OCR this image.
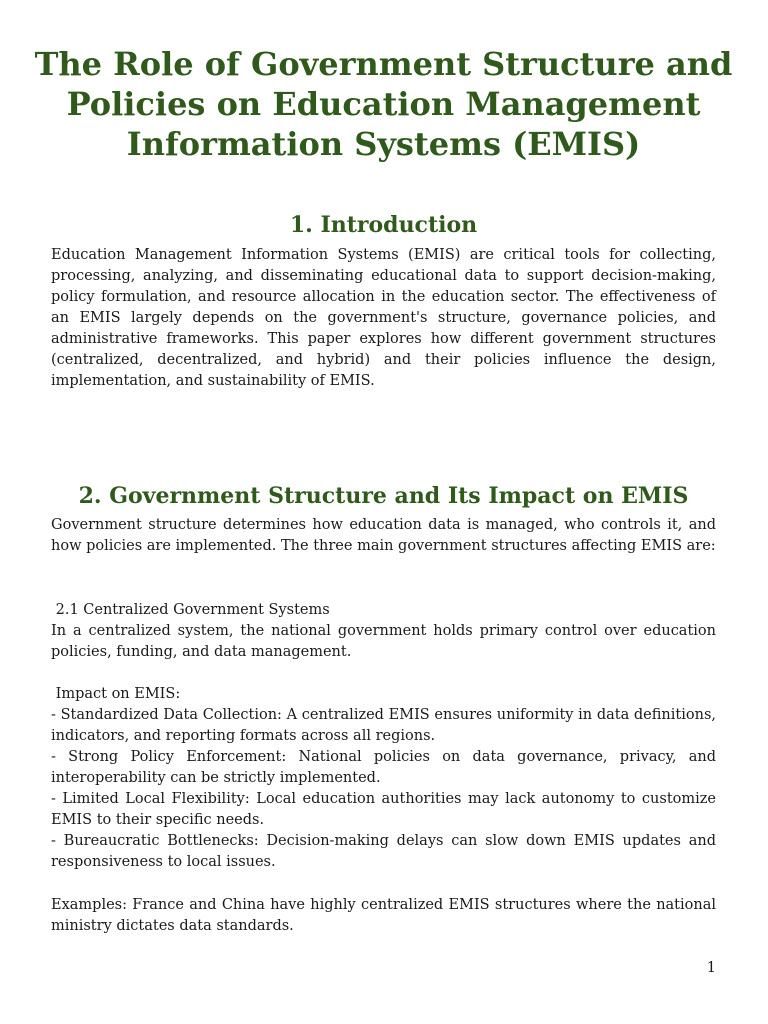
The Role of Government Structure and Policies on Education Management Information Systems (EMIS)
1. Introduction

Education Management Information Systems (EMIS) are critical tools for collecting, processing, analyzing, and disseminating educational data to support decision-making, policy formulation, and resource allocation in the education sector. The effectiveness of an EMIS largely depends on the government's structure, governance policies, and administrative frameworks. This paper explores how different government structures (centralized, decentralized, and hybrid) and their policies influence the design, implementation, and sustainability of EMIS.

2. Government Structure and Its Impact on EMIS

Government structure determines how education data is managed, who controls it, and how policies are implemented. The three main government structures affecting EMIS are:

2.1 Centralized Government Systems

In a centralized system, the national government holds primary control over education policies, funding, and data management.

Impact on EMIS:

- Standardized Data Collection: A centralized EMIS ensures uniformity in data definitions, indicators, and reporting formats across all regions.
- Strong Policy Enforcement: National policies on data governance, privacy, and interoperability can be strictly implemented.
- Limited Local Flexibility: Local education authorities may lack autonomy to customize EMIS to their specific needs.
- Bureaucratic Bottlenecks: Decision-making delays can slow down EMIS updates and responsiveness to local issues.

Examples: France and China have highly centralized EMIS structures where the national ministry dictates data standards.

1
